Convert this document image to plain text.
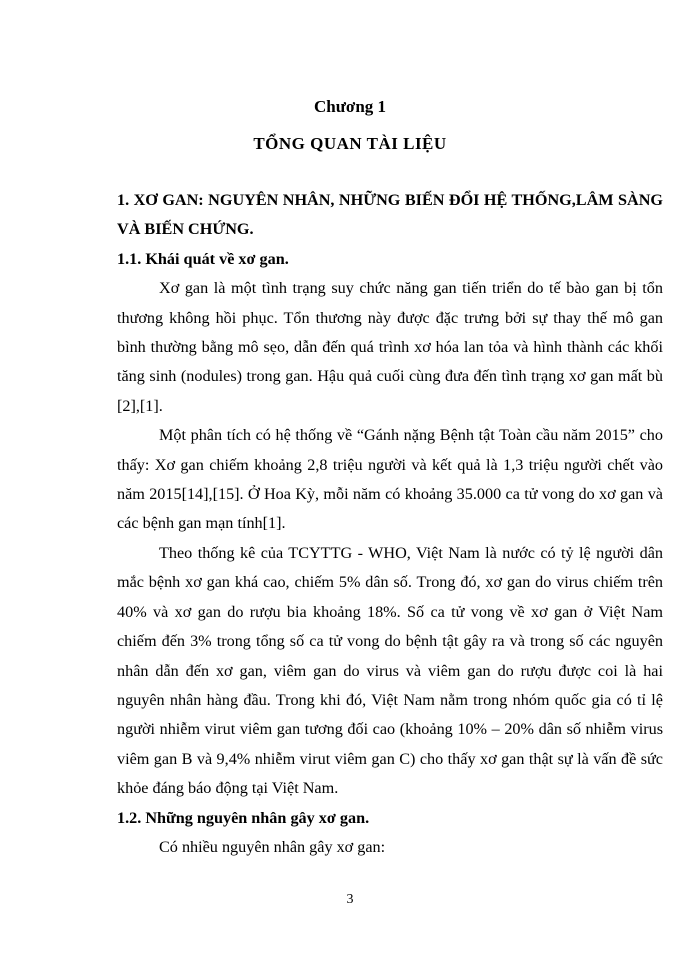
Chương 1
TỔNG QUAN TÀI LIỆU

1. XƠ GAN: NGUYÊN NHÂN, NHỮNG BIẾN ĐỔI HỆ THỐNG,LÂM SÀNG VÀ BIẾN CHỨNG.

1.1. Khái quát về xơ gan.

Xơ gan là một tình trạng suy chức năng gan tiến triển do tế bào gan bị tổn thương không hồi phục. Tổn thương này được đặc trưng bởi sự thay thế mô gan bình thường bằng mô sẹo, dẫn đến quá trình xơ hóa lan tỏa và hình thành các khối tăng sinh (nodules) trong gan. Hậu quả cuối cùng đưa đến tình trạng xơ gan mất bù [2],[1].

Một phân tích có hệ thống về “Gánh nặng Bệnh tật Toàn cầu năm 2015” cho thấy: Xơ gan chiếm khoảng 2,8 triệu người và kết quả là 1,3 triệu người chết vào năm 2015[14],[15]. Ở Hoa Kỳ, mỗi năm có khoảng 35.000 ca tử vong do xơ gan và các bệnh gan mạn tính[1].

Theo thống kê của TCYTTG - WHO, Việt Nam là nước có tỷ lệ người dân mắc bệnh xơ gan khá cao, chiếm 5% dân số. Trong đó, xơ gan do virus chiếm trên 40% và xơ gan do rượu bia khoảng 18%. Số ca tử vong về xơ gan ở Việt Nam chiếm đến 3% trong tổng số ca tử vong do bệnh tật gây ra và trong số các nguyên nhân dẫn đến xơ gan, viêm gan do virus và viêm gan do rượu được coi là hai nguyên nhân hàng đầu. Trong khi đó, Việt Nam nằm trong nhóm quốc gia có tỉ lệ người nhiễm virut viêm gan tương đối cao (khoảng 10% – 20% dân số nhiễm virus viêm gan B và 9,4% nhiễm virut viêm gan C) cho thấy xơ gan thật sự là vấn đề sức khỏe đáng báo động tại Việt Nam.

1.2. Những nguyên nhân gây xơ gan.

Có nhiều nguyên nhân gây xơ gan:

3
